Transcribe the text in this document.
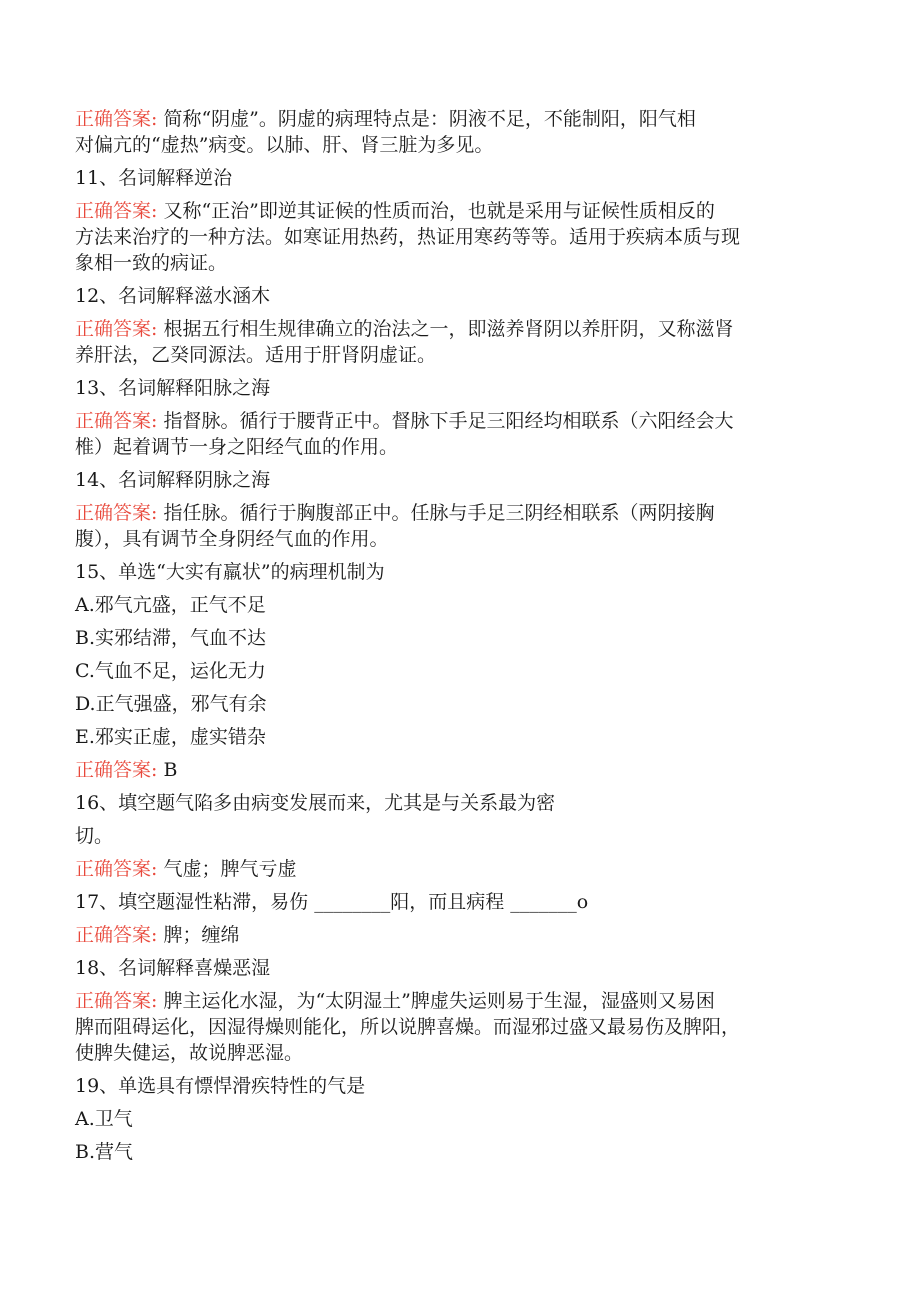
正确答案: 简称“阴虚”。阴虚的病理特点是：阴液不足，不能制阳，阳气相

对偏亢的“虚热”病变。以肺、肝、肾三脏为多见。

11、名词解释逆治

正确答案: 又称“正治”即逆其证候的性质而治，也就是采用与证候性质相反的

方法来治疗的一种方法。如寒证用热药，热证用寒药等等。适用于疾病本质与现

象相一致的病证。

12、名词解释滋水涵木

正确答案: 根据五行相生规律确立的治法之一，即滋养肾阴以养肝阴，又称滋肾

养肝法，乙癸同源法。适用于肝肾阴虚证。

13、名词解释阳脉之海

正确答案: 指督脉。循行于腰背正中。督脉下手足三阳经均相联系（六阳经会大

椎）起着调节一身之阳经气血的作用。

14、名词解释阴脉之海

正确答案: 指任脉。循行于胸腹部正中。任脉与手足三阴经相联系（两阴接胸

腹），具有调节全身阴经气血的作用。

15、单选“大实有羸状”的病理机制为

A.邪气亢盛，正气不足

B.实邪结滞，气血不达

C.气血不足，运化无力

D.正气强盛，邪气有余

E.邪实正虚，虚实错杂

正确答案: B

16、填空题气陷多由病变发展而来，尤其是与关系最为密

切。

正确答案: 气虚；脾气亏虚

17、填空题湿性粘滞，易伤 ________阳，而且病程 _______o

正确答案: 脾；缠绵

18、名词解释喜燥恶湿

正确答案: 脾主运化水湿，为“太阴湿土”脾虚失运则易于生湿，湿盛则又易困

脾而阻碍运化，因湿得燥则能化，所以说脾喜燥。而湿邪过盛又最易伤及脾阳，

使脾失健运，故说脾恶湿。

19、单选具有慓悍滑疾特性的气是

A.卫气

B.营气
